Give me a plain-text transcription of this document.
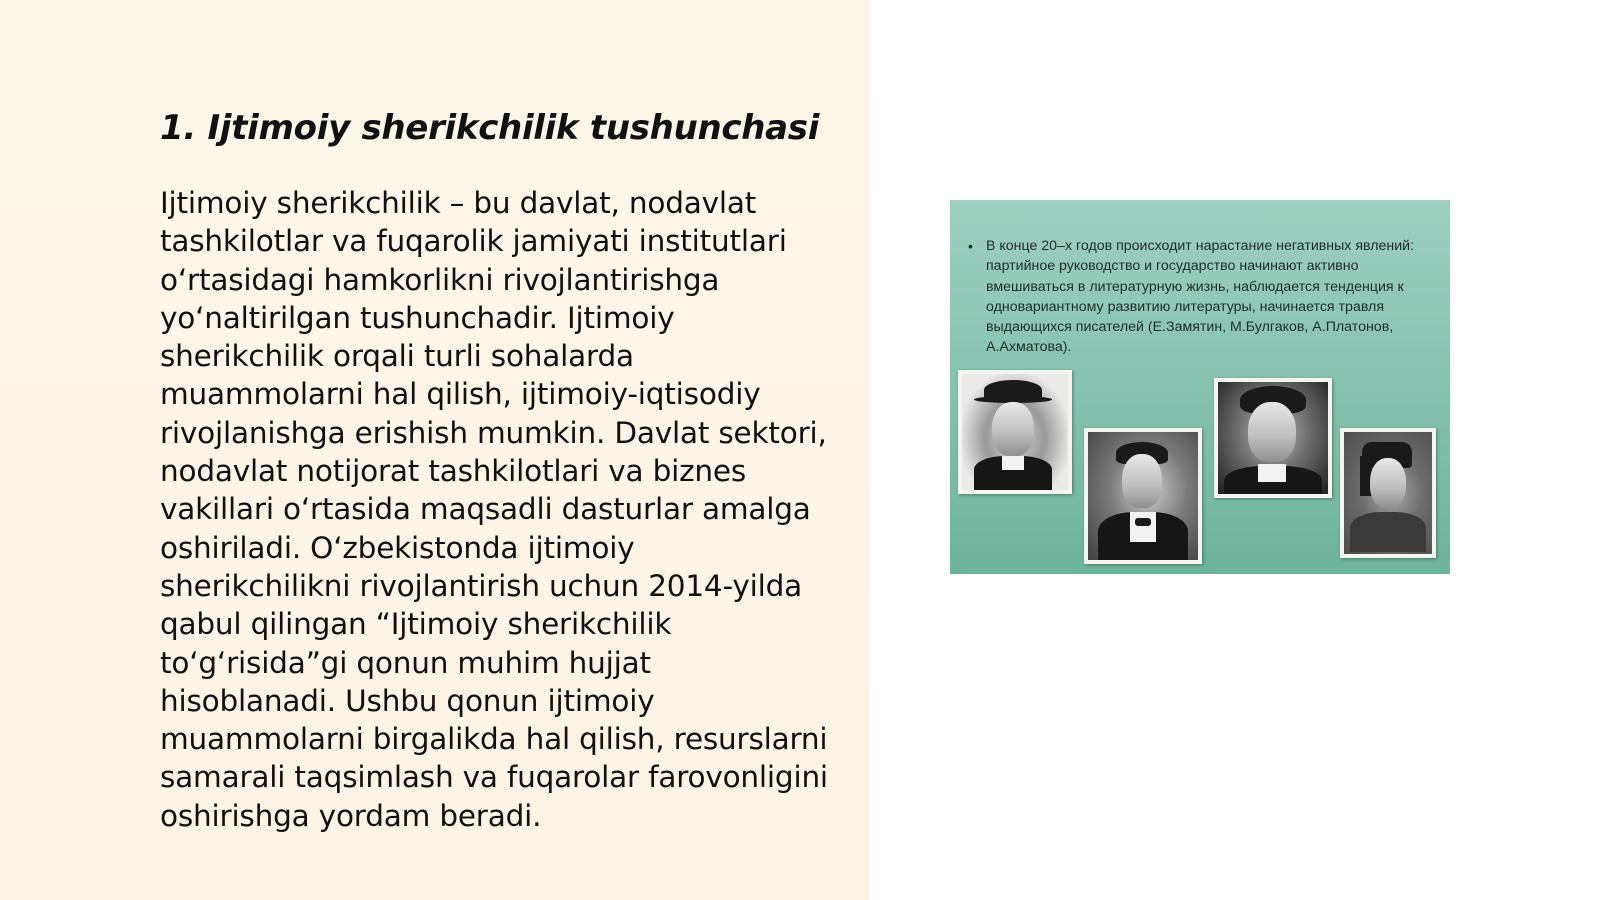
1. Ijtimoiy sherikchilik tushunchasi

Ijtimoiy sherikchilik – bu davlat, nodavlat tashkilotlar va fuqarolik jamiyati institutlari oʻrtasidagi hamkorlikni rivojlantirishga yoʻnaltirilgan tushunchadir. Ijtimoiy sherikchilik orqali turli sohalarda muammolarni hal qilish, ijtimoiy-iqtisodiy rivojlanishga erishish mumkin. Davlat sektori, nodavlat notijorat tashkilotlari va biznes vakillari oʻrtasida maqsadli dasturlar amalga oshiriladi. Oʻzbekistonda ijtimoiy sherikchilikni rivojlantirish uchun 2014-yilda qabul qilingan “Ijtimoiy sherikchilik toʻgʻrisida”gi qonun muhim hujjat hisoblanadi. Ushbu qonun ijtimoiy muammolarni birgalikda hal qilish, resurslarni samarali taqsimlash va fuqarolar farovonligini oshirishga yordam beradi.

• В конце 20–х годов происходит нарастание негативных явлений: партийное руководство и государство начинают активно вмешиваться в литературную жизнь, наблюдается тенденция к одновариантному развитию литературы, начинается травля выдающихся писателей (Е.Замятин, М.Булгаков, А.Платонов, А.Ахматова).
